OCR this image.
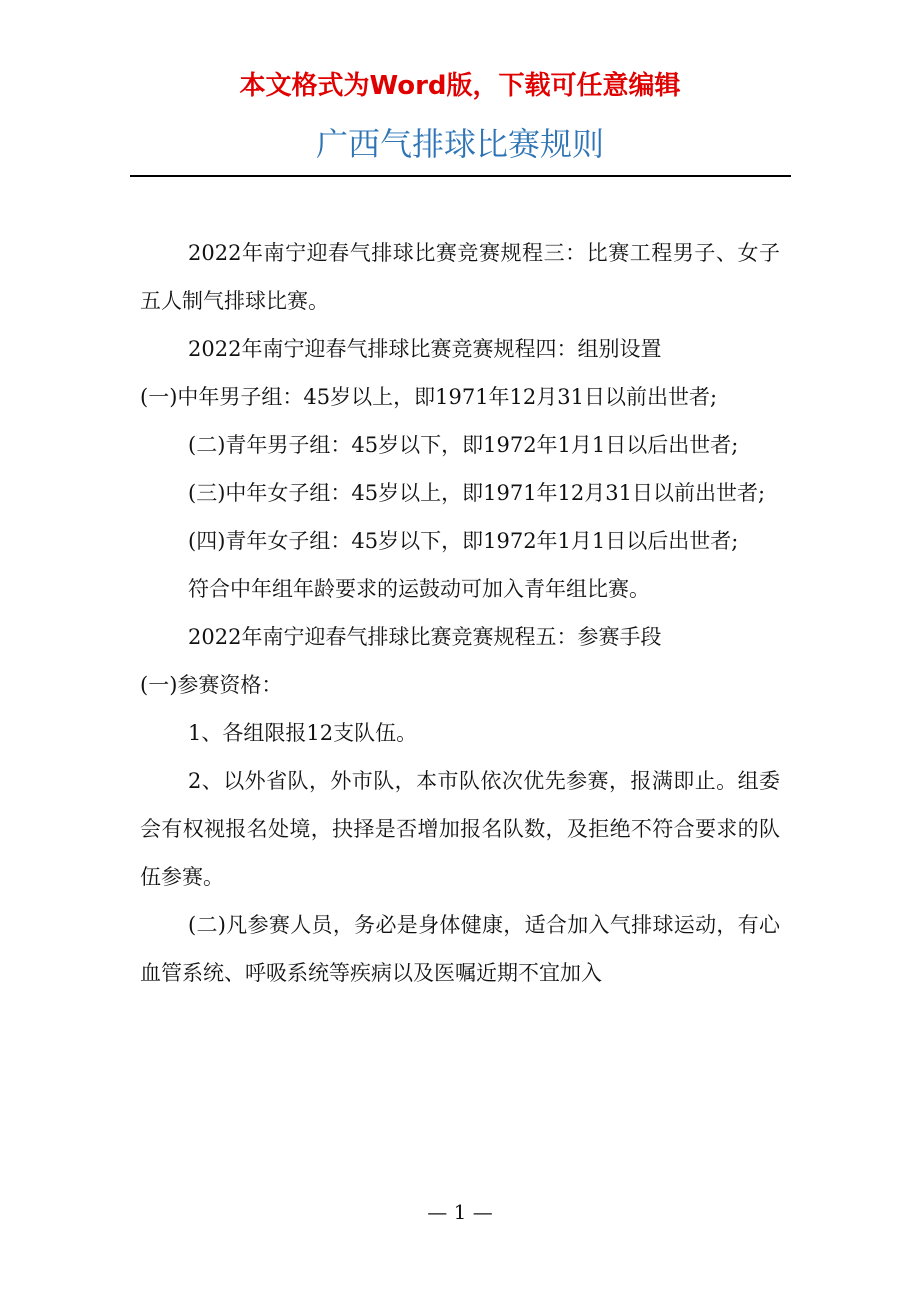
本文格式为Word版，下载可任意编辑
广西气排球比赛规则

2022年南宁迎春气排球比赛竞赛规程三：比赛工程男子、女子五人制气排球比赛。

2022年南宁迎春气排球比赛竞赛规程四：组别设置

(一)中年男子组：45岁以上，即1971年12月31日以前出世者;

(二)青年男子组：45岁以下，即1972年1月1日以后出世者;

(三)中年女子组：45岁以上，即1971年12月31日以前出世者;

(四)青年女子组：45岁以下，即1972年1月1日以后出世者;

符合中年组年龄要求的运鼓动可加入青年组比赛。

2022年南宁迎春气排球比赛竞赛规程五：参赛手段

(一)参赛资格：

1、各组限报12支队伍。

2、以外省队，外市队，本市队依次优先参赛，报满即止。组委会有权视报名处境，抉择是否增加报名队数，及拒绝不符合要求的队伍参赛。

(二)凡参赛人员，务必是身体健康，适合加入气排球运动，有心血管系统、呼吸系统等疾病以及医嘱近期不宜加入

— 1 —
